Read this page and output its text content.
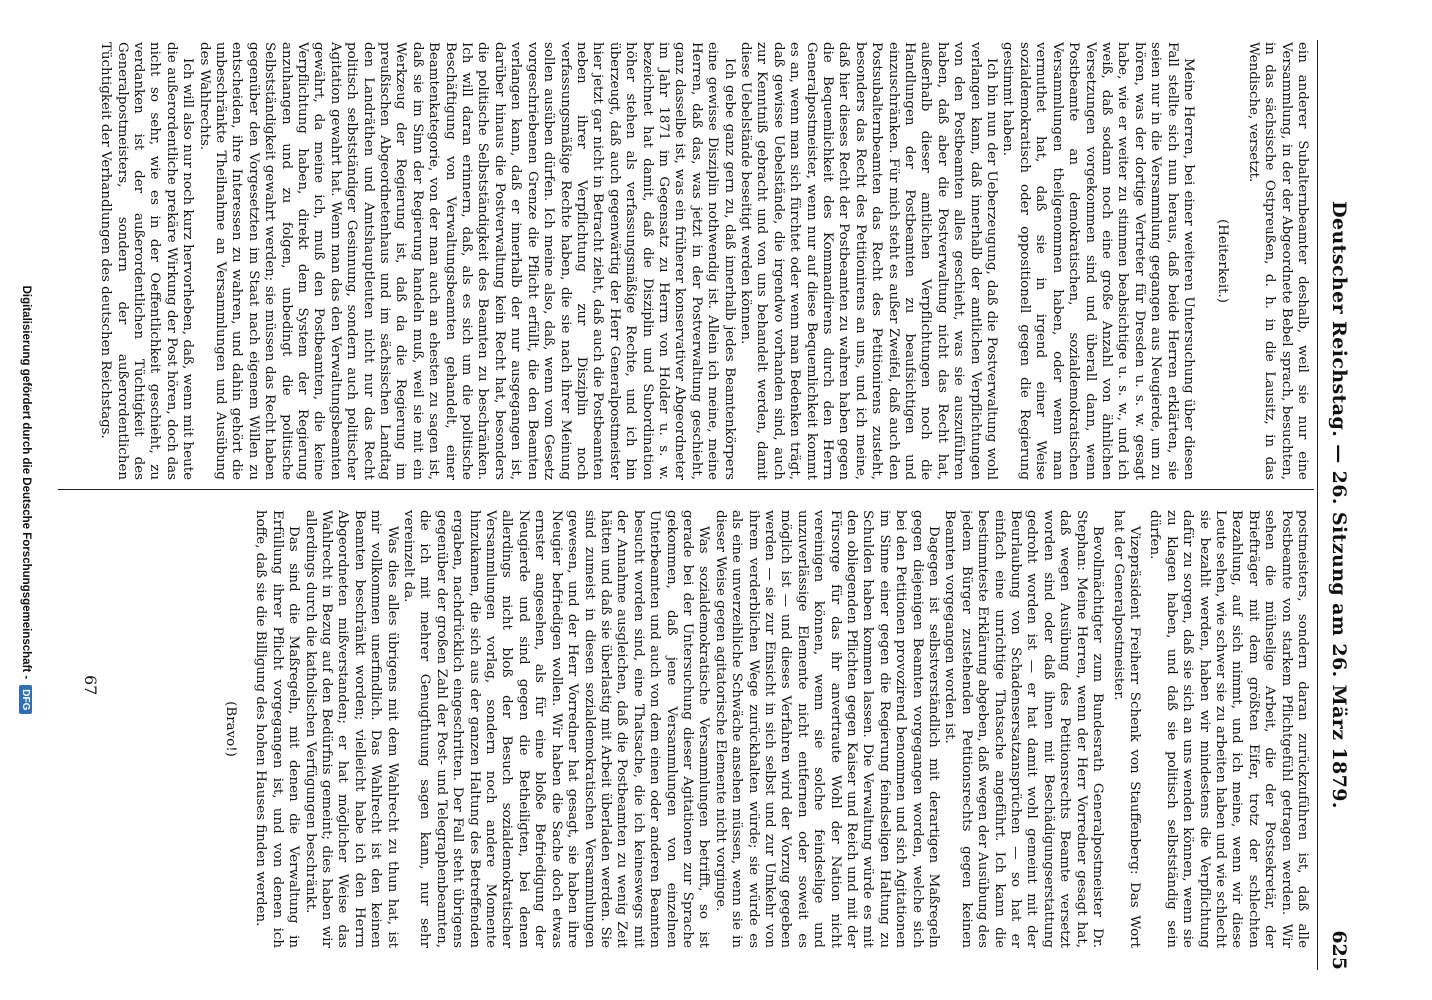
Deutscher Reichstag. — 26. Sitzung am 26. März 1879.
625

ein anderer Subalternbeamter deshalb, weil sie nur eine Versammlung, in der der Abgeordnete Bebel sprach, besuchten, in das sächsische Ostpreußen, d. h. in die Lausitz, in das Wendische, versetzt.

(Heiterkeit.)

Meine Herren, bei einer weiteren Untersuchung über diesen Fall stellte sich nun heraus, daß beide Herren erklärten, sie seien nur in die Versammlung gegangen aus Neugierde, um zu hören, was der dortige Vertreter für Dresden u. s. w. gesagt habe, wie er weiter zu stimmen beabsichtige u. s. w., und ich weiß, daß sodann noch eine große Anzahl von ähnlichen Versetzungen vorgekommen sind und überall dann, wenn Postbeamte an demokratischen, sozialdemokratischen Versammlungen theilgenommen haben, oder wenn man vermuthet hat, daß sie in irgend einer Weise sozialdemokratisch oder oppositionell gegen die Regierung gestimmt haben.

Ich bin nun der Ueberzeugung, daß die Postverwaltung wohl verlangen kann, daß innerhalb der amtlichen Verpflichtungen von den Postbeamten alles geschieht, was sie auszuführen haben, daß aber die Postverwaltung nicht das Recht hat, außerhalb dieser amtlichen Verpflichtungen noch die Handlungen der Postbeamten zu beaufsichtigen und einzuschränken. Für mich steht es außer Zweifel, daß auch den Postsubalternbeamten das Recht des Petitionirens zusteht, besonders das Recht des Petitionirens an uns, und ich meine, daß hier dieses Recht der Postbeamten zu wahren haben gegen die Bequemlichkeit des Kommandirens durch den Herrn Generalpostmeister, wenn nur auf diese Bequemlichkeit kommt es an, wenn man sich fürchtet oder wenn man Bedenken trägt, daß gewisse Uebelstände, die irgendwo vorhanden sind, auch zur Kenntniß gebracht und von uns behandelt werden, damit diese Uebelstände beseitigt werden können.

Ich gebe ganz gern zu, daß innerhalb jedes Beamtenkörpers eine gewisse Disziplin nothwendig ist. Allein ich meine, meine Herren, daß das, was jetzt in der Postverwaltung geschieht, ganz dasselbe ist, was ein früherer konservativer Abgeordneter im Jahr 1871 im Gegensatz zu Herrn von Holder u. s. w. bezeichnet hat damit, daß die Disziplin und Subordination höher stehen als verfassungsmäßige Rechte, und ich bin überzeugt, daß auch gegenwärtig der Herr Generalpostmeister hier jetzt gar nicht in Betracht zieht, daß auch die Postbeamten neben ihrer Verpflichtung zur Disziplin noch verfassungsmäßige Rechte haben, die sie nach ihrer Meinung sollen ausüben dürfen. Ich meine also, daß, wenn vom Gesetz vorgeschriebenen Grenze die Pflicht erfüllt, die den Beamten verlangen kann, daß er innerhalb der nur ausgegangen ist, darüber hinaus die Postverwaltung kein Recht hat, besonders die politische Selbstständigkeit des Beamten zu beschränken. Ich will daran erinnern, daß, als es sich um die politische Beschäftigung von Verwaltungsbeamten gehandelt, einer Beamtenkategorie, von der man auch an ehesten zu sagen ist, daß sie im Sinn der Regierung handeln muß, weil sie mit ein Werkzeug der Regierung ist, daß da die Regierung im preußischen Abgeordnetenhaus und im sächsischen Landtag den Landräthen und Amtshauptleuten nicht nur das Recht politisch selbstständiger Gesinnung, sondern auch politischer Agitation gewahrt hat. Wenn man das den Verwaltungsbeamten gewährt, da meine ich, muß den Postbeamten, die keine Verpflichtung haben, direkt dem System der Regierung anzuhangen und zu folgen, unbedingt die politische Selbstständigkeit gewahrt werden; sie müssen das Recht haben gegenüber den Vorgesetzten im Staat nach eigenem Willen zu entscheiden, ihre Interessen zu wahren, und dahin gehört die unbeschränkte Theilnahme an Versammlungen und Ausübung des Wahlrechts.

Ich will also nur noch kurz hervorheben, daß, wenn mit heute die außerordentliche prekäre Wirkung der Post hören, doch das nicht so sehr, wie es in der Oeffentlichkeit geschieht, zu verdanken ist der außerordentlichen Tüchtigkeit des Generalpostmeisters, sondern der außerordentlichen Tüchtigkeit der Verhandlungen des deutschen Reichstags.

postmeisters, sondern daran zurückzuführen ist, daß alle Postbeamte von starkem Pflichtgefühl getragen werden. Wir sehen die mühselige Arbeit, die der Postsekretär, der Briefträger mit dem größten Eifer, trotz der schlechten Bezahlung, auf sich nimmt, und ich meine, wenn wir diese Leute sehen, wie schwer sie zu arbeiten haben und wie schlecht sie bezahlt werden, haben wir mindestens die Verpflichtung dafür zu sorgen, daß sie sich an uns wenden können, wenn sie zu klagen haben, und daß sie politisch selbstständig sein dürfen.

Vizepräsident Freiherr Schenk von Stauffenberg: Das Wort hat der Generalpostmeister.

Bevollmächtigter zum Bundesrath Generalpostmeister Dr. Stephan: Meine Herren, wenn der Herr Vorredner gesagt hat, daß wegen Ausübung des Petitionsrechts Beamte versetzt worden sind oder daß ihnen mit Beschädigungserstattung gedroht worden ist — er hat damit wohl gemeint mit der Beurlaubung von Schadensersatzansprüchen — so hat er einfach eine unrichtige Thatsache angeführt. Ich kann die bestimmteste Erklärung abgeben, daß wegen der Ausübung des jedem Bürger zustehenden Petitionsrechts gegen keinen Beamten vorgegangen worden ist.

Dagegen ist selbstverständlich mit derartigen Maßregeln gegen diejenigen Beamten vorgegangen worden, welche sich bei den Petitionen provozirend benommen und sich Agitationen im Sinne einer gegen die Regierung feindseligen Haltung zu Schulden haben kommen lassen. Die Verwaltung würde es mit den obliegenden Pflichten gegen Kaiser und Reich und mit der Fürsorge für das ihr anvertraute Wohl der Nation nicht vereinigen können, wenn sie solche feindselige und unzuverlässige Elemente nicht entfernen oder soweit es möglich ist — und dieses Verfahren wird der Vorzug gegeben werden — sie zur Einsicht in sich selbst und zur Umkehr von ihrem verderblichen Wege zurückhalten würde; sie würde es als eine unverzeihliche Schwäche ansehen müssen, wenn sie in dieser Weise gegen agitatorische Elemente nicht vorginge.

Was sozialdemokratische Versammlungen betrifft, so ist gerade bei der Untersuchung dieser Agitationen zur Sprache gekommen, daß jene Versammlungen von einzelnen Unterbeamten und auch von dem einen oder anderen Beamten besucht worden sind, eine Thatsache, die ich keineswegs mit der Annahme ausgleichen, daß die Postbeamten zu wenig Zeit hätten und daß sie überlastig mit Arbeit überladen werden. Sie sind zumeist in diesen sozialdemokratischen Versammlungen gewesen, und der Herr Vorredner hat gesagt, sie haben ihre Neugier befriedigen wollen. Wir haben die Sache doch etwas ernster angesehen, als für eine bloße Befriedigung der Neugierde und sind gegen die Betheiligten, bei denen allerdings nicht bloß der Besuch sozialdemokratischer Versammlungen vorlag, sondern noch andere Momente hinzukamen, die sich aus der ganzen Haltung des Betreffenden ergaben, nachdrücklich eingeschritten. Der Fall steht übrigens gegenüber der großen Zahl der Post- und Telegraphenbeamten, die ich mit mehrer Genugthuung sagen kann, nur sehr vereinzelt da.

Was dies alles übrigens mit dem Wahlrecht zu thun hat, ist mir vollkommen unerfindlich. Das Wahlrecht ist den keinen Beamten beschränkt worden; vielleicht habe ich den Herrn Abgeordneten mißverstanden; er hat möglicher Weise das Wahlrecht in Bezug auf den Bedürfnis gemeint; dies haben wir allerdings durch die katholischen Verfügungen beschränkt.

Das sind die Maßregeln, mit denen die Verwaltung in Erfüllung ihrer Pflicht vorgegangen ist, und von denen ich hoffe, daß sie die Billigung des hohen Hauses finden werden.

(Bravo!)

67
Digitalisierung gefördert durch die Deutsche Forschungsgemeinschaft -DFG
